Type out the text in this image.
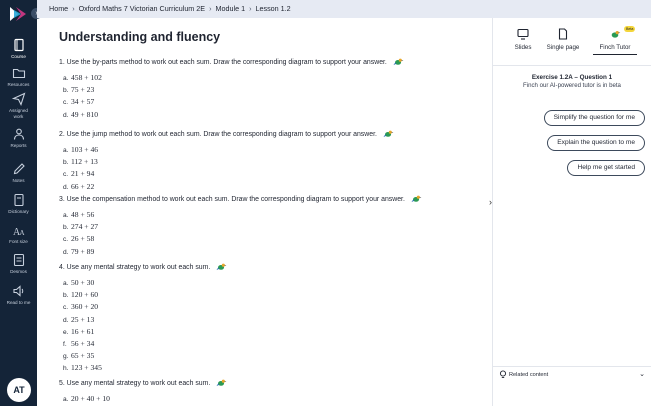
Course
Resources
Assigned work
Reports
Notes
Dictionary
A A
Font size
Desmos
Read to me
AT
Home › Oxford Maths 7 Victorian Curriculum 2E › Module 1 › Lesson 1.2
Understanding and fluency
1. Use the by-parts method to work out each sum. Draw the corresponding diagram to support your answer.
a. 458 + 102
b. 75 + 23
c. 34 + 57
d. 49 + 810
2. Use the jump method to work out each sum. Draw the corresponding diagram to support your answer.
a. 103 + 46
b. 112 + 13
c. 21 + 94
d. 66 + 22
3. Use the compensation method to work out each sum. Draw the corresponding diagram to support your answer.
a. 48 + 56
b. 274 + 27
c. 26 + 58
d. 79 + 89
4. Use any mental strategy to work out each sum.
a. 50 + 30
b. 120 + 60
c. 360 + 20
d. 25 + 13
e. 16 + 61
f. 56 + 34
g. 65 + 35
h. 123 + 345
5. Use any mental strategy to work out each sum.
a. 20 + 40 + 10
›
Slides	Single page	Finch Tutor
Beta
Exercise 1.2A – Question 1
Finch our AI-powered tutor is in beta
Simplify the question for me
Explain the question to me
Help me get started
Related content	⌄
